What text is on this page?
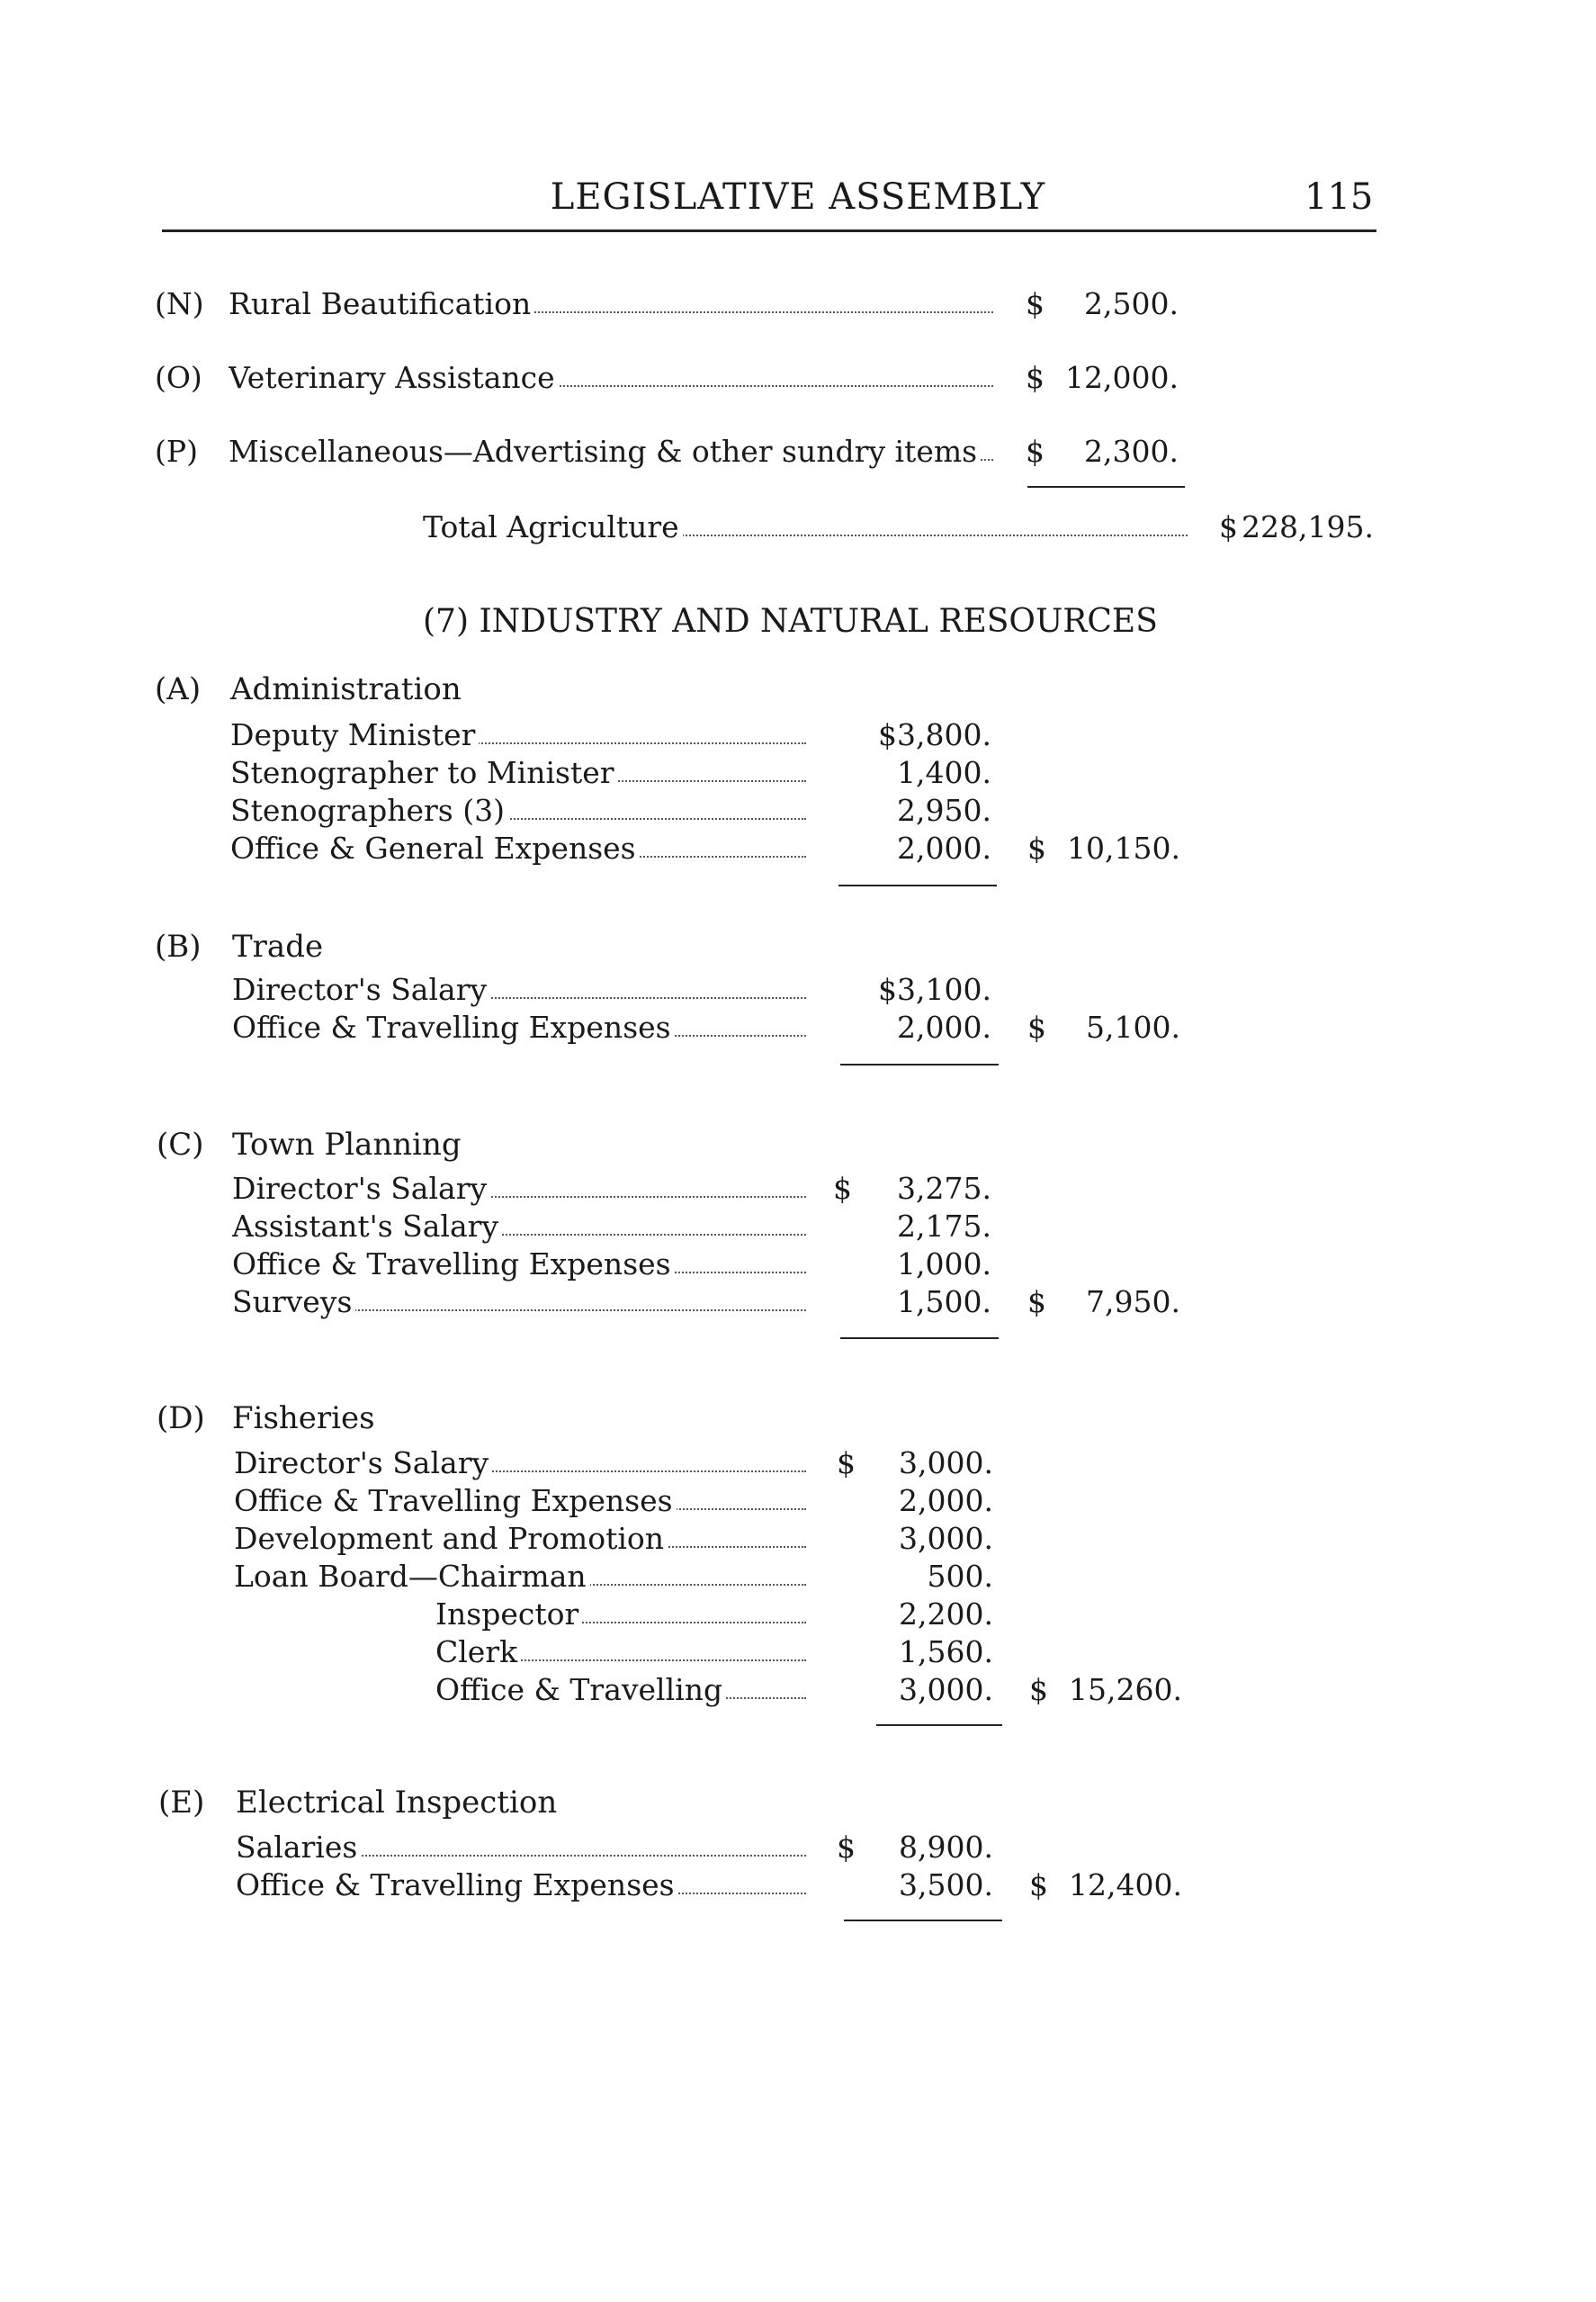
LEGISLATIVE ASSEMBLY	115
(N) Rural Beautification	$	2,500.
(O) Veterinary Assistance	$ 12,000.
(P) Miscellaneous—Advertising & other sundry items	$	2,300.
Total Agriculture	$ 228,195.
(7) INDUSTRY AND NATURAL RESOURCES
(A) Administration
Deputy Minister	$3,800.
Stenographer to Minister	1,400.
Stenographers (3)	2,950.
Office & General Expenses	2,000. $ 10,150.
(B) Trade
Director's Salary	$3,100.
Office & Travelling Expenses	2,000. $	5,100.
(C) Town Planning
Director's Salary	$	3,275.
Assistant's Salary	2,175.
Office & Travelling Expenses	1,000.
Surveys	1,500. $	7,950.
(D) Fisheries
Director's Salary	$	3,000.
Office & Travelling Expenses	2,000.
Development and Promotion	3,000.
Loan Board—Chairman	500.
Inspector	2,200.
Clerk	1,560.
Office & Travelling	3,000. $ 15,260.
(E) Electrical Inspection
Salaries	$	8,900.
Office & Travelling Expenses	3,500. $ 12,400.
